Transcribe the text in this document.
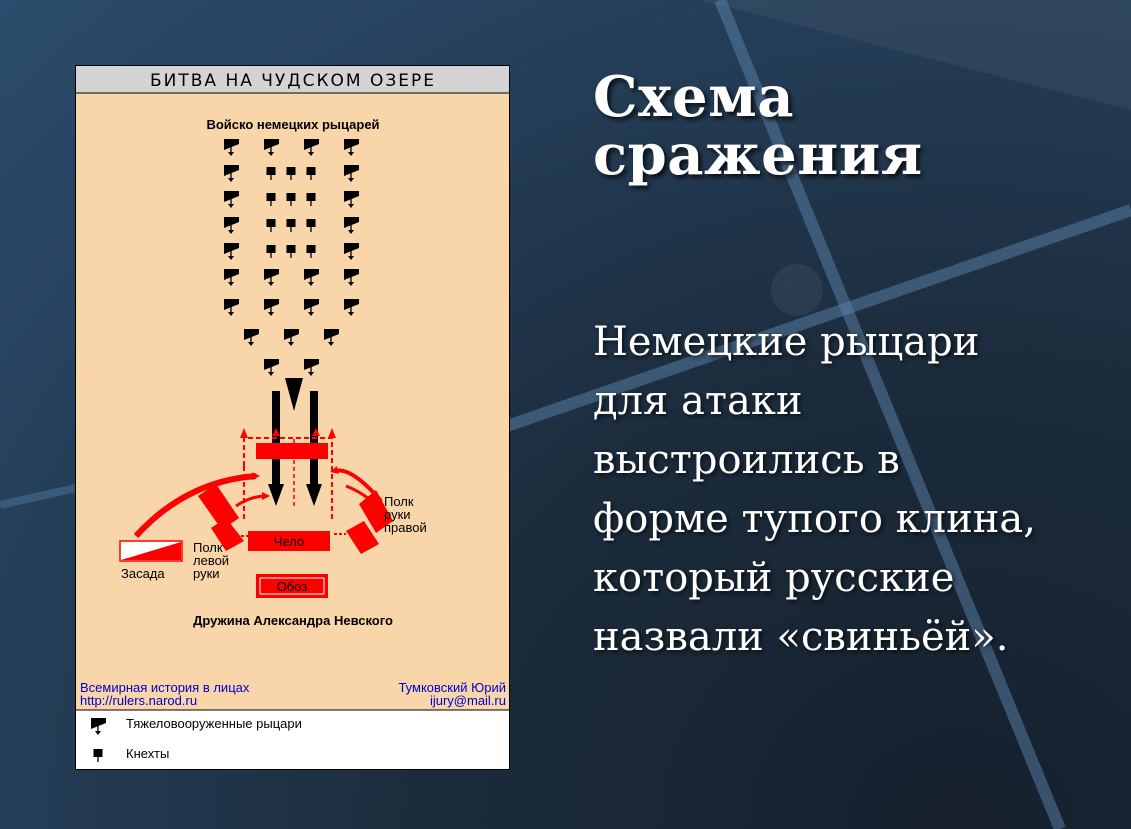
БИТВА НА ЧУДСКОМ ОЗЕРЕ
Войско немецких рыцарей
Чело
Засада
Полк левой руки
Полк руки правой
Обоз
Дружина Александра Невского
Всемирная история в лицах
http://rulers.narod.ru
Тумковский Юрий
ijury@mail.ru
Тяжеловооруженные рыцари
Кнехты
Схема
сражения
Немецкие рыцари
для атаки
выстроились в
форме тупого клина,
который русские
назвали «свиньёй».
